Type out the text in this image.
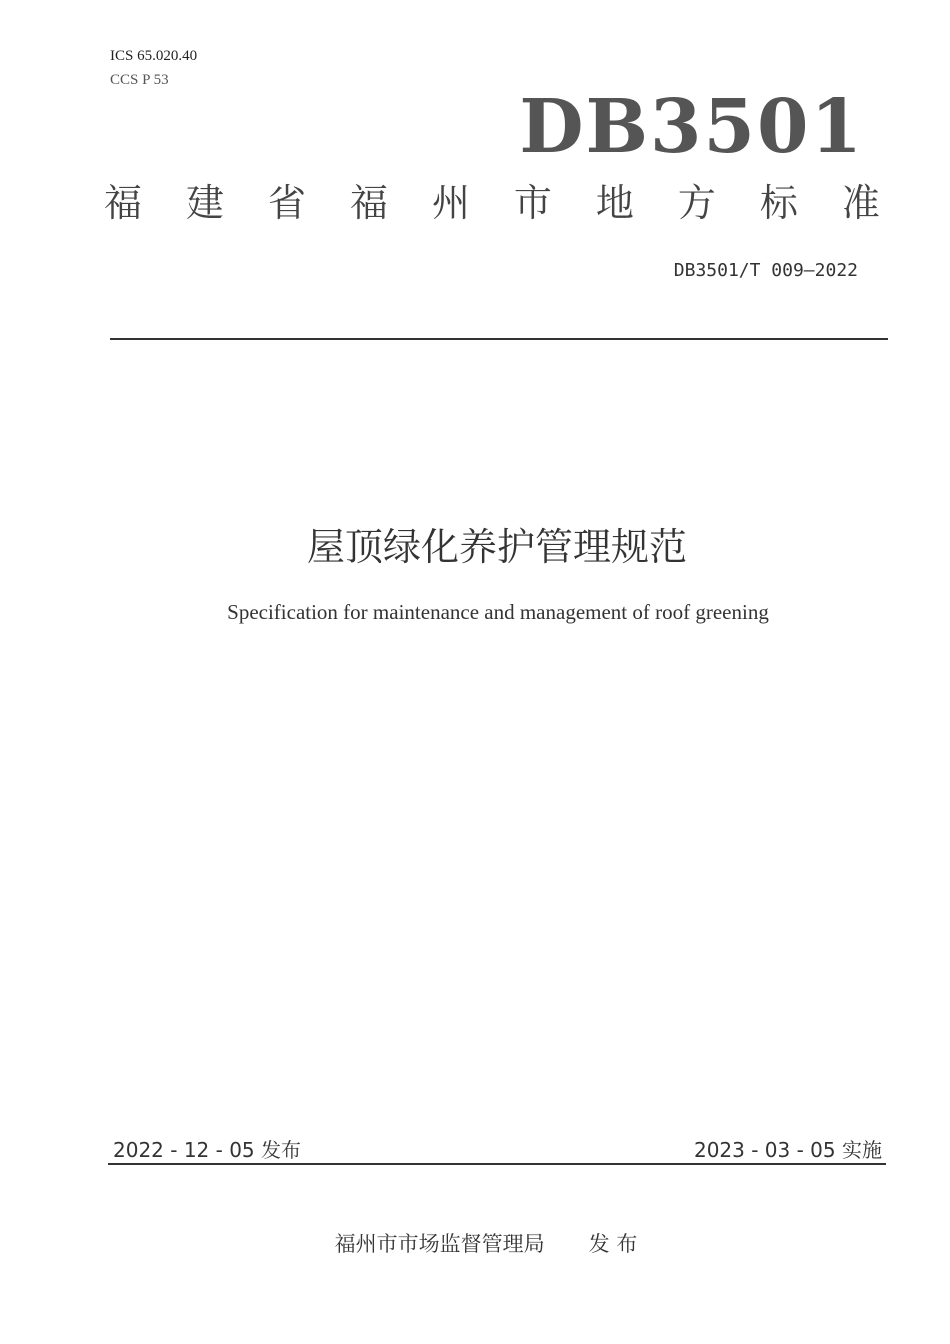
ICS 65.020.40
CCS P 53
DB3501
福 建 省 福 州 市 地 方 标 准
DB3501/T 009—2022
屋顶绿化养护管理规范
Specification for maintenance and management of roof greening
2022 - 12 - 05 发布	2023 - 03 - 05 实施
福州市市场监督管理局 发 布
